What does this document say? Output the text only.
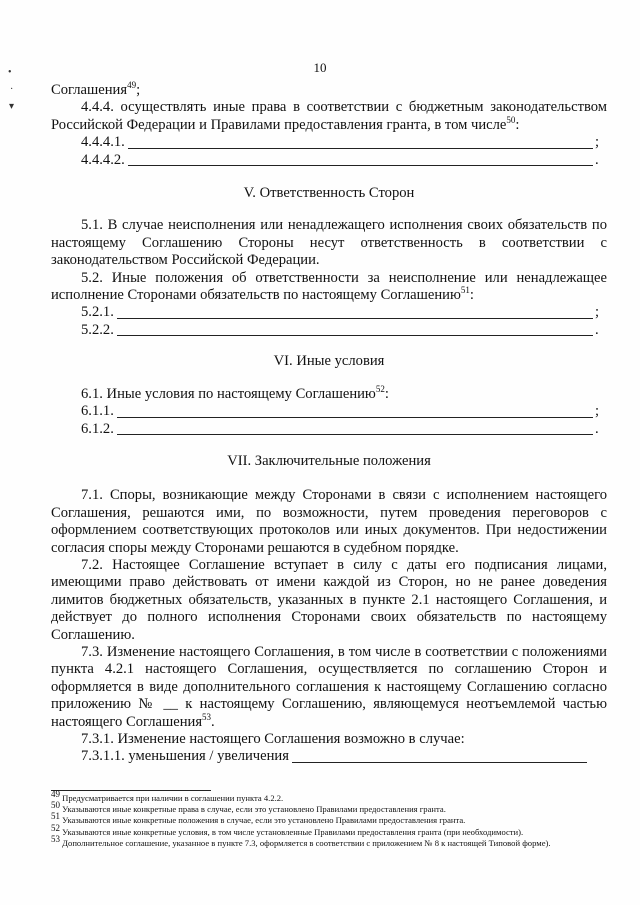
10
•
·
▾

Соглашения$^{49}$;

4.4.4. осуществлять иные права в соответствии с бюджетным законодательством Российской Федерации и Правилами предоставления гранта, в том числе$^{50}$:

4.4.4.1.	;
4.4.4.2.	.

V. Ответственность Сторон

5.1. В случае неисполнения или ненадлежащего исполнения своих обязательств по настоящему Соглашению Стороны несут ответственность в соответствии с законодательством Российской Федерации.

5.2. Иные положения об ответственности за неисполнение или ненадлежащее исполнение Сторонами обязательств по настоящему Соглашению$^{51}$:

5.2.1.	;
5.2.2.	.

VI. Иные условия

6.1. Иные условия по настоящему Соглашению$^{52}$:

6.1.1.	;
6.1.2.	.

VII. Заключительные положения

7.1. Споры, возникающие между Сторонами в связи с исполнением настоящего Соглашения, решаются ими, по возможности, путем проведения переговоров с оформлением соответствующих протоколов или иных документов. При недостижении согласия споры между Сторонами решаются в судебном порядке.

7.2. Настоящее Соглашение вступает в силу с даты его подписания лицами, имеющими право действовать от имени каждой из Сторон, но не ранее доведения лимитов бюджетных обязательств, указанных в пункте 2.1 настоящего Соглашения, и действует до полного исполнения Сторонами своих обязательств по настоящему Соглашению.

7.3. Изменение настоящего Соглашения, в том числе в соответствии с положениями пункта 4.2.1 настоящего Соглашения, осуществляется по соглашению Сторон и оформляется в виде дополнительного соглашения к настоящему Соглашению согласно приложению № __ к настоящему Соглашению, являющемуся неотъемлемой частью настоящего Соглашения$^{53}$.

7.3.1. Изменение настоящего Соглашения возможно в случае:

7.3.1.1. уменьшения / увеличения

$^{49}$ Предусматривается при наличии в соглашении пункта 4.2.2.

$^{50}$ Указываются иные конкретные права в случае, если это установлено Правилами предоставления гранта.

$^{51}$ Указываются иные конкретные положения в случае, если это установлено Правилами предоставления гранта.

$^{52}$ Указываются иные конкретные условия, в том числе установленные Правилами предоставления гранта (при необходимости).

$^{53}$ Дополнительное соглашение, указанное в пункте 7.3, оформляется в соответствии с приложением № 8 к настоящей Типовой форме).
